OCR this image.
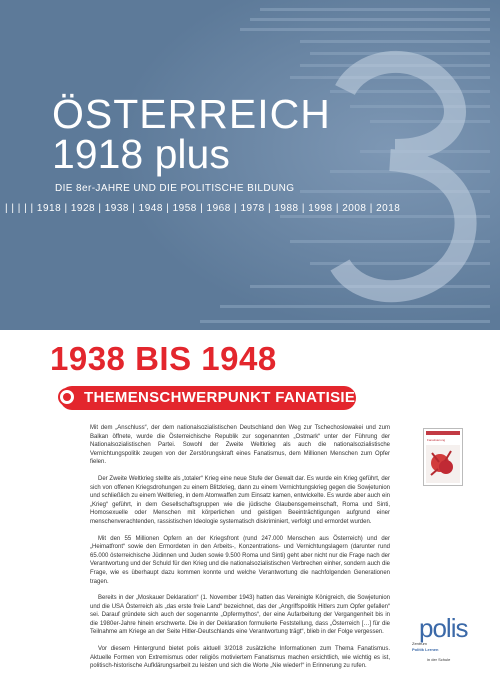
ÖSTERREICH
1918 plus
DIE 8er-JAHRE UND DIE POLITISCHE BILDUNG
| | | | | 1918 | 1928 | 1938 | 1948 | 1958 | 1968 | 1978 | 1988 | 1998 | 2008 | 2018
1938 BIS 1948
THEMENSCHWERPUNKT FANATISIERUNG

Mit dem „Anschluss“, der dem nationalsozialistischen Deutschland den Weg zur Tschechoslowakei und zum Balkan öffnete, wurde die Österreichische Republik zur sogenannten „Ostmark“ unter der Führung der Nationalsozialistischen Partei. Sowohl der Zweite Weltkrieg als auch die nationalsozialistische Vernichtungspolitik zeugen von der Zerstörungskraft eines Fanatismus, dem Millionen Menschen zum Opfer fielen.

Der Zweite Weltkrieg stellte als „totaler“ Krieg eine neue Stufe der Gewalt dar. Es wurde ein Krieg geführt, der sich von offenen Kriegsdrohungen zu einem Blitzkrieg, dann zu einem Vernichtungskrieg gegen die Sowjetunion und schließlich zu einem Weltkrieg, in dem Atomwaffen zum Einsatz kamen, entwickelte. Es wurde aber auch ein „Krieg“ geführt, in dem Gesellschaftsgruppen wie die jüdische Glaubensgemeinschaft, Roma und Sinti, Homosexuelle oder Menschen mit körperlichen und geistigen Beeinträchtigungen aufgrund einer menschenverachtenden, rassistischen Ideologie systematisch diskriminiert, verfolgt und ermordet wurden.

Mit den 55 Millionen Opfern an der Kriegsfront (rund 247.000 Menschen aus Österreich) und der „Heimatfront“ sowie den Ermordeten in den Arbeits-, Konzentrations- und Vernichtungslagern (darunter rund 65.000 österreichische Jüdinnen und Juden sowie 9.500 Roma und Sinti) geht aber nicht nur die Frage nach der Verantwortung und der Schuld für den Krieg und die nationalsozialistischen Verbrechen einher, sondern auch die Frage, wie es überhaupt dazu kommen konnte und welche Verantwortung die nachfolgenden Generationen tragen.

Bereits in der „Moskauer Deklaration“ (1. November 1943) hatten das Vereinigte Königreich, die Sowjetunion und die USA Österreich als „das erste freie Land“ bezeichnet, das der „Angriffspolitik Hitlers zum Opfer gefallen“ sei. Darauf gründete sich auch der sogenannte „Opfermythos“, der eine Aufarbeitung der Vergangenheit bis in die 1980er-Jahre hinein erschwerte. Die in der Deklaration formulierte Feststellung, dass „Österreich […] für die Teilnahme am Kriege an der Seite Hitler-Deutschlands eine Verantwortung trägt“, blieb in der Folge vergessen.

Vor diesem Hintergrund bietet polis aktuell 3/2018 zusätzliche Informationen zum Thema Fanatismus. Aktuelle Formen von Extremismus oder religiös motiviertem Fanatismus machen ersichtlich, wie wichtig es ist, politisch-historische Aufklärungsarbeit zu leisten und sich die Worte „Nie wieder!“ in Erinnerung zu rufen.

Fanatisierung
polis
Zentrum
Politik Lernen
in der Schule
